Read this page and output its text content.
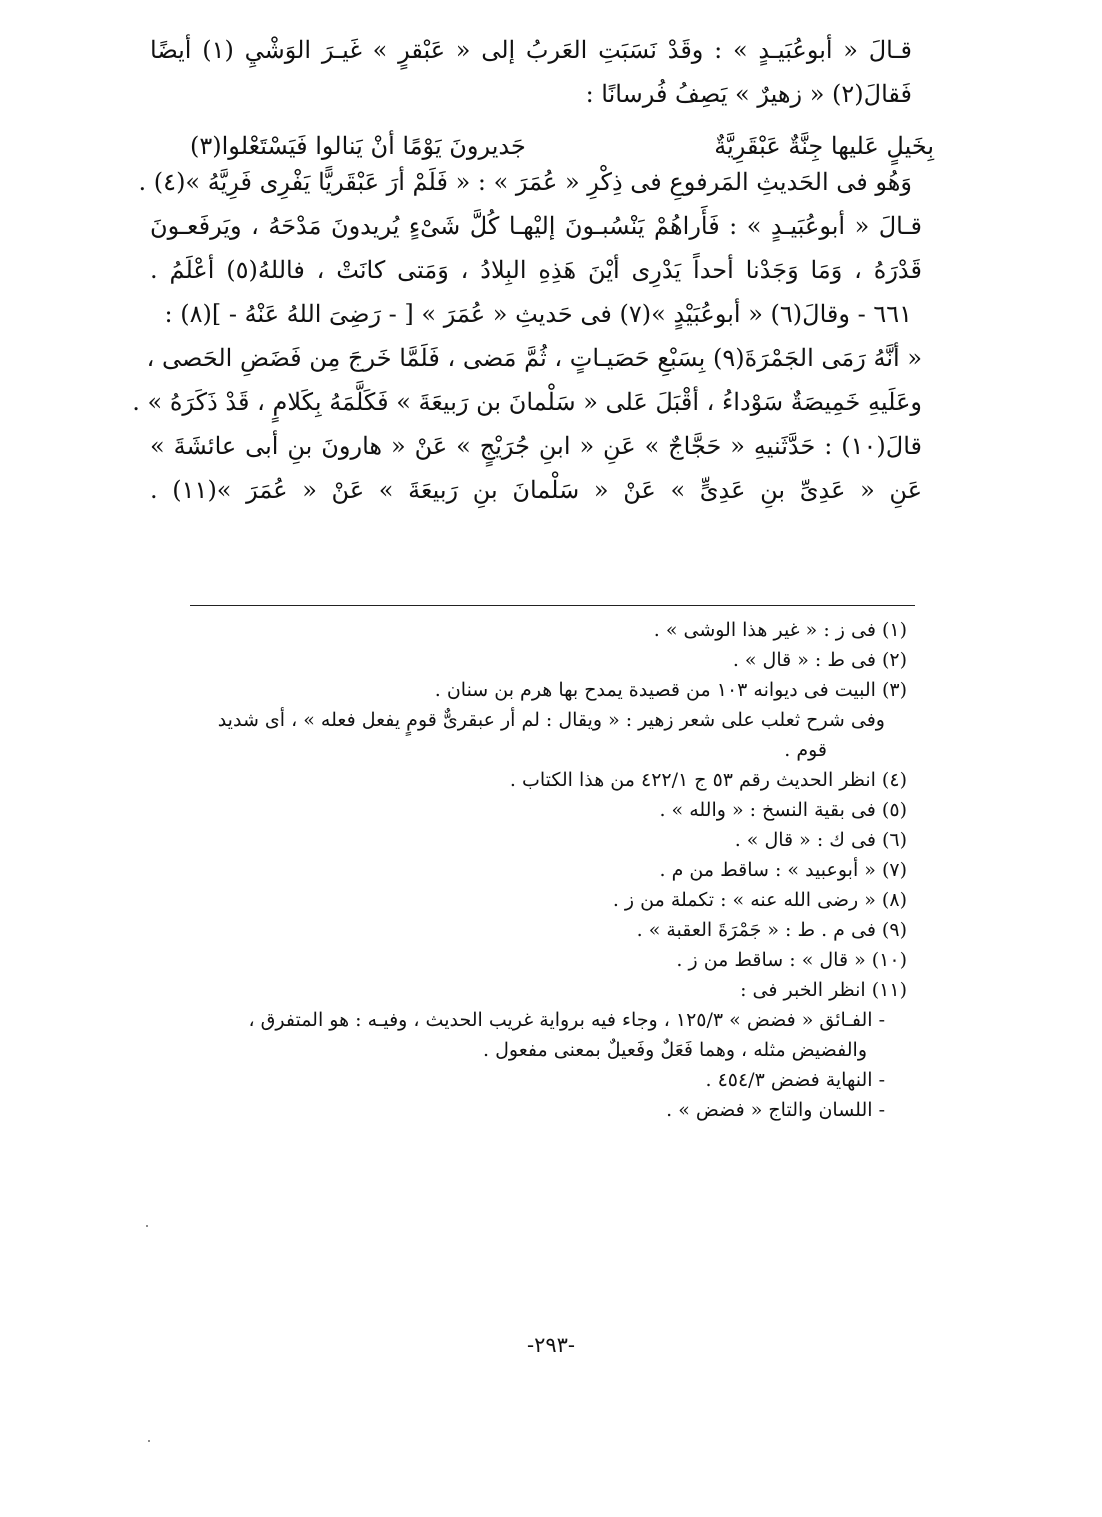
قـالَ « أبوعُبَيـدٍ » : وقَدْ نَسَبَتِ العَربُ إلى « عَبْقرٍ » غَيـرَ الوَشْيِ (١) أيضًا
فَقالَ(٢) « زهيرٌ » يَصِفُ فُرسانًا :
وَهُو فى الحَديثِ المَرفوعِ فى ذِكْرِ « عُمَرَ » : « فَلَمْ أرَ عَبْقَريًّا يَفْرِى فَرِيَّهُ »(٤) .
قـالَ « أبوعُبَيـدٍ » : فَأَراهُمْ يَنْسُبـونَ إليْهـا كُلَّ شَىْءٍ يُريدونَ مَدْحَهُ ، ويَرفَعـونَ
قَدْرَهُ ، وَمَا وَجَدْنا أحداً يَدْرِى أيْنَ هَذِهِ البِلادُ ، وَمَتى كانَتْ ، فاللهُ(٥) أعْلَمُ .
٦٦١ - وقالَ(٦) « أبوعُبَيْدٍ »(٧) فى حَديثِ « عُمَرَ » [ - رَضِىَ اللهُ عَنْهُ - ](٨) :
« أنَّهُ رَمَى الجَمْرَةَ(٩) بِسَبْعِ حَصَيـاتٍ ، ثُمَّ مَضى ، فَلَمَّا خَرجَ مِن فَضَضِ الحَصى ،
وعَلَيهِ خَمِيصَةٌ سَوْداءُ ، أقْبَلَ عَلى « سَلْمانَ بن رَبيعَةَ » فَكَلَّمَهُ بِكَلامٍ ، قَدْ ذَكَرَهُ » .
قالَ(١٠) : حَدَّثَنيهِ « حَجَّاجٌ » عَنِ « ابنِ جُرَيْجٍ » عَنْ « هارونَ بنِ أبى عائشَةَ »
عَنِ « عَدِىِّ بنِ عَدِىٍّ » عَنْ « سَلْمانَ بنِ رَبيعَةَ » عَنْ « عُمَرَ »(١١) .
بِخَيلٍ عَليها جِنَّةٌ عَبْقَرِيَّةٌ
جَديرونَ يَوْمًا أنْ يَنالوا فَيَسْتَعْلوا(٣)
(١) فى ز : « غير هذا الوشى » .
(٢) فى ط : « قال » .
(٣) البيت فى ديوانه ١٠٣ من قصيدة يمدح بها هرم بن سنان .
وفى شرح ثعلب على شعر زهير : « ويقال : لم أر عبقرىٌّ قومٍ يفعل فعله » ، أى شديد
قوم .
(٤) انظر الحديث رقم ٥٣ ج ٤٢٢/١ من هذا الكتاب .
(٥) فى بقية النسخ : « والله » .
(٦) فى ك : « قال » .
(٧) « أبوعبيد » : ساقط من م .
(٨) « رضى الله عنه » : تكملة من ز .
(٩) فى م . ط : « جَمْرَةَ العقبة » .
(١٠) « قال » : ساقط من ز .
(١١) انظر الخبر فى :
- الفـائق « فضض » ١٢٥/٣ ، وجاء فيه برواية غريب الحديث ، وفيـه : هو المتفرق ،
والفضيض مثله ، وهما فَعَلٌ وفَعيلٌ بمعنى مفعول .
- النهاية فضض ٤٥٤/٣ .
- اللسان والتاج « فضض » .
-٢٩٣-
